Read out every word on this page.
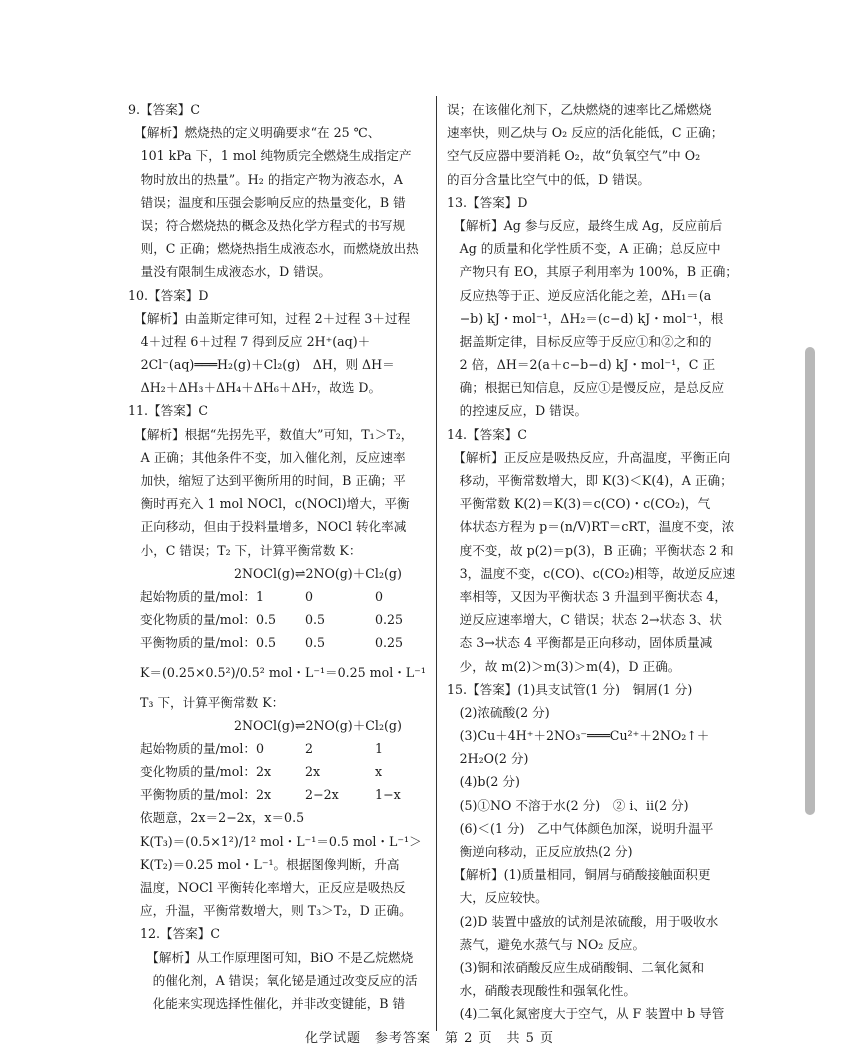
9.【答案】C
　【解析】燃烧热的定义明确要求“在 25 ℃、
　101 kPa 下，1 mol 纯物质完全燃烧生成指定产
　物时放出的热量”。H₂ 的指定产物为液态水，A
　错误；温度和压强会影响反应的热量变化，B 错
　误；符合燃烧热的概念及热化学方程式的书写规
　则，C 正确；燃烧热指生成液态水，而燃烧放出热
　量没有限制生成液态水，D 错误。
10.【答案】D
　【解析】由盖斯定律可知，过程 2＋过程 3＋过程
　4＋过程 6＋过程 7 得到反应 2H⁺(aq)＋
　2Cl⁻(aq)═══H₂(g)＋Cl₂(g)　ΔH，则 ΔH＝
　ΔH₂＋ΔH₃＋ΔH₄＋ΔH₆＋ΔH₇，故选 D。
11.【答案】C
　【解析】根据“先拐先平，数值大”可知，T₁＞T₂，
　A 正确；其他条件不变，加入催化剂，反应速率
　加快，缩短了达到平衡所用的时间，B 正确；平
　衡时再充入 1 mol NOCl，c(NOCl)增大，平衡
　正向移动，但由于投料量增多，NOCl 转化率减
　小，C 错误；T₂ 下，计算平衡常数 K：
2NOCl(g)⇌2NO(g)＋Cl₂(g)
起始物质的量/mol：1	0	0
变化物质的量/mol：0.5	0.5	0.25
平衡物质的量/mol：0.5	0.5	0.25
K＝(0.25×0.5²)/0.5² mol・L⁻¹＝0.25 mol・L⁻¹
T₃ 下，计算平衡常数 K：
2NOCl(g)⇌2NO(g)＋Cl₂(g)
起始物质的量/mol：0	2	1
变化物质的量/mol：2x	2x	x
平衡物质的量/mol：2x	2−2x	1−x
依题意，2x＝2−2x，x＝0.5
K(T₃)＝(0.5×1²)/1² mol・L⁻¹＝0.5 mol・L⁻¹＞
K(T₂)＝0.25 mol・L⁻¹。根据图像判断，升高
温度，NOCl 平衡转化率增大，正反应是吸热反
应，升温，平衡常数增大，则 T₃＞T₂，D 正确。
12.【答案】C
　【解析】从工作原理图可知，BiO 不是乙烷燃烧
　的催化剂，A 错误；氧化铋是通过改变反应的活
　化能来实现选择性催化，并非改变键能，B 错
误；在该催化剂下，乙炔燃烧的速率比乙烯燃烧
速率快，则乙炔与 O₂ 反应的活化能低，C 正确；
空气反应器中要消耗 O₂，故“负氧空气”中 O₂
的百分含量比空气中的低，D 错误。
13.【答案】D
　【解析】Ag 参与反应，最终生成 Ag，反应前后
　Ag 的质量和化学性质不变，A 正确；总反应中
　产物只有 EO，其原子利用率为 100%，B 正确；
　反应热等于正、逆反应活化能之差，ΔH₁＝(a
　−b) kJ・mol⁻¹，ΔH₂＝(c−d) kJ・mol⁻¹，根
　据盖斯定律，目标反应等于反应①和②之和的
　2 倍，ΔH＝2(a＋c−b−d) kJ・mol⁻¹，C 正
　确；根据已知信息，反应①是慢反应，是总反应
　的控速反应，D 错误。
14.【答案】C
　【解析】正反应是吸热反应，升高温度，平衡正向
　移动，平衡常数增大，即 K(3)＜K(4)，A 正确；
　平衡常数 K(2)＝K(3)＝c(CO)・c(CO₂)，气
　体状态方程为 p＝(n/V)RT＝cRT，温度不变，浓
　度不变，故 p(2)＝p(3)，B 正确；平衡状态 2 和
　3，温度不变，c(CO)、c(CO₂)相等，故逆反应速
　率相等，又因为平衡状态 3 升温到平衡状态 4，
　逆反应速率增大，C 错误；状态 2→状态 3、状
　态 3→状态 4 平衡都是正向移动，固体质量减
　少，故 m(2)＞m(3)＞m(4)，D 正确。
15.【答案】(1)具支试管(1 分)　铜屑(1 分)
　(2)浓硫酸(2 分)
　(3)Cu＋4H⁺＋2NO₃⁻═══Cu²⁺＋2NO₂↑＋
　2H₂O(2 分)
　(4)b(2 分)
　(5)①NO 不溶于水(2 分)　② ⅰ、ⅱ(2 分)
　(6)＜(1 分)　乙中气体颜色加深，说明升温平
　衡逆向移动，正反应放热(2 分)
　【解析】(1)质量相同，铜屑与硝酸接触面积更
　大，反应较快。
　(2)D 装置中盛放的试剂是浓硫酸，用于吸收水
　蒸气，避免水蒸气与 NO₂ 反应。
　(3)铜和浓硝酸反应生成硝酸铜、二氧化氮和
　水，硝酸表现酸性和强氧化性。
　(4)二氧化氮密度大于空气，从 F 装置中 b 导管
化学试题　参考答案　第 2 页　共 5 页
